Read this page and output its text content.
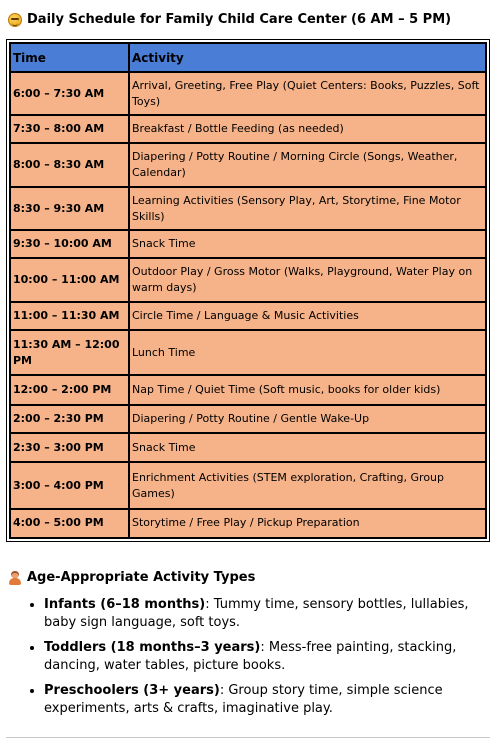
Daily Schedule for Family Child Care Center (6 AM – 5 PM)
Time	Activity
6:00 – 7:30 AM	Arrival, Greeting, Free Play (Quiet Centers: Books, Puzzles, Soft Toys)
7:30 – 8:00 AM	Breakfast / Bottle Feeding (as needed)
8:00 – 8:30 AM	Diapering / Potty Routine / Morning Circle (Songs, Weather, Calendar)
8:30 – 9:30 AM	Learning Activities (Sensory Play, Art, Storytime, Fine Motor Skills)
9:30 – 10:00 AM	Snack Time
10:00 – 11:00 AM	Outdoor Play / Gross Motor (Walks, Playground, Water Play on warm days)
11:00 – 11:30 AM	Circle Time / Language & Music Activities
11:30 AM – 12:00 PM	Lunch Time
12:00 – 2:00 PM	Nap Time / Quiet Time (Soft music, books for older kids)
2:00 – 2:30 PM	Diapering / Potty Routine / Gentle Wake-Up
2:30 – 3:00 PM	Snack Time
3:00 – 4:00 PM	Enrichment Activities (STEM exploration, Crafting, Group Games)
4:00 – 5:00 PM	Storytime / Free Play / Pickup Preparation
Age-Appropriate Activity Types
• Infants (6–18 months): Tummy time, sensory bottles, lullabies, baby sign language, soft toys.
• Toddlers (18 months–3 years): Mess-free painting, stacking, dancing, water tables, picture books.
• Preschoolers (3+ years): Group story time, simple science experiments, arts & crafts, imaginative play.
